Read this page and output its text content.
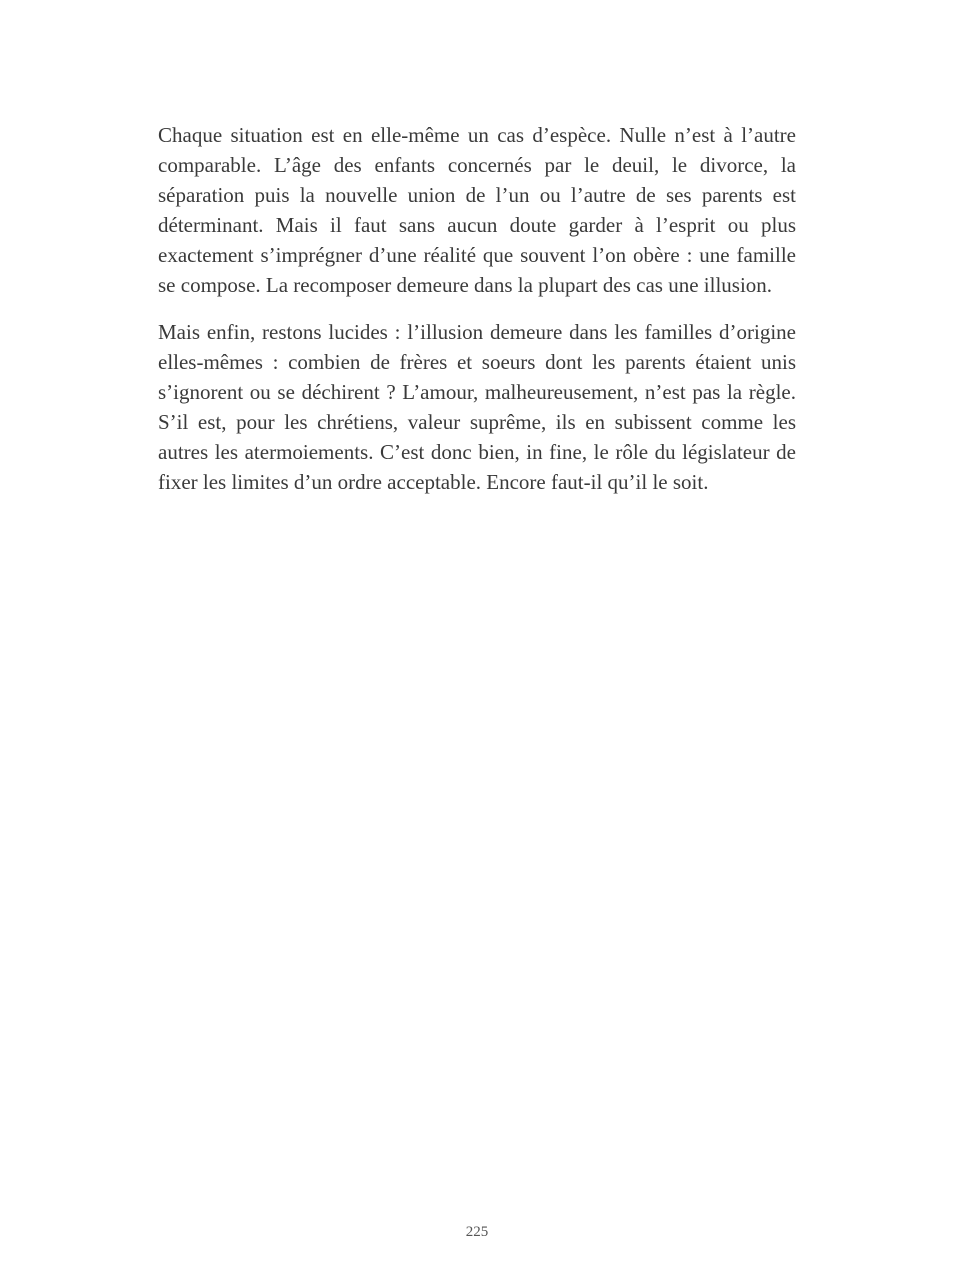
Chaque situation est en elle-même un cas d’espèce. Nulle n’est à l’autre comparable. L’âge des enfants concernés par le deuil, le divorce, la séparation puis la nouvelle union de l’un ou l’autre de ses parents est déterminant. Mais il faut sans aucun doute garder à l’esprit ou plus exactement s’imprégner d’une réalité que souvent l’on obère : une famille se compose. La recomposer demeure dans la plupart des cas une illusion.

Mais enfin, restons lucides : l’illusion demeure dans les familles d’origine elles-mêmes : combien de frères et soeurs dont les parents étaient unis s’ignorent ou se déchirent ? L’amour, malheureusement, n’est pas la règle. S’il est, pour les chrétiens, valeur suprême, ils en subissent comme les autres les atermoiements. C’est donc bien, in fine, le rôle du législateur de fixer les limites d’un ordre acceptable. Encore faut-il qu’il le soit.

225
